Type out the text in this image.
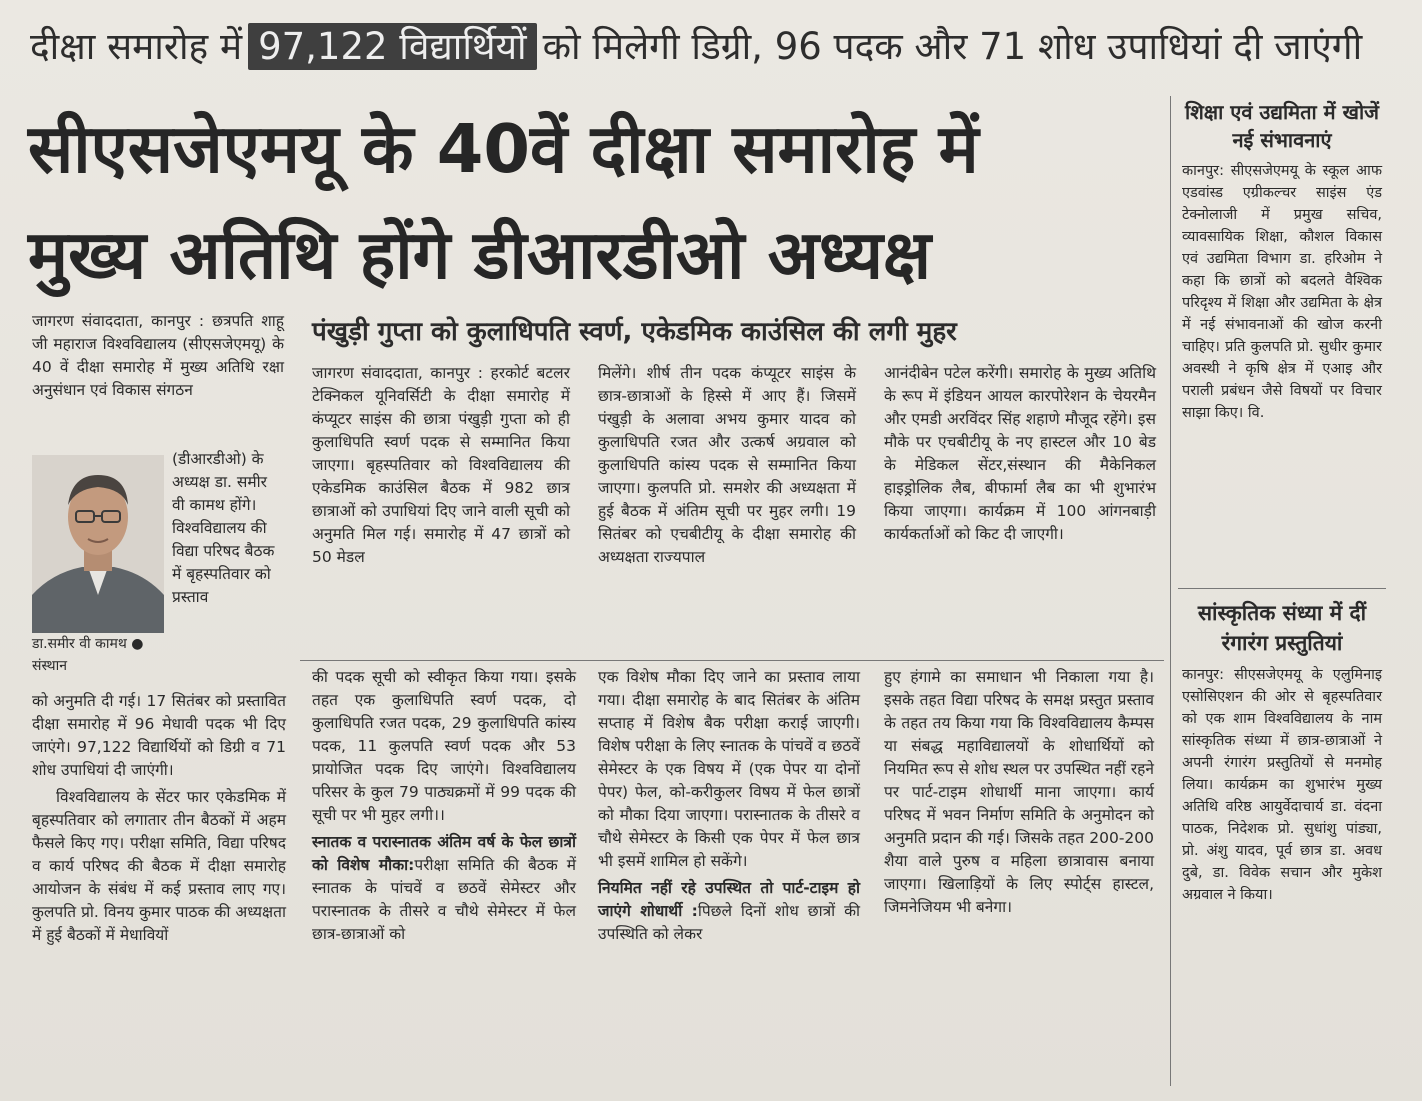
दीक्षा समारोह में 97,122 विद्यार्थियों को मिलेगी डिग्री, 96 पदक और 71 शोध उपाधियां दी जाएंगी
सीएसजेएमयू के 40वें दीक्षा समारोह में
मुख्य अतिथि होंगे डीआरडीओ अध्यक्ष

जागरण संवाददाता, कानपुर : छत्रपति शाहू जी महाराज विश्वविद्यालय (सीएसजेएमयू) के 40 वें दीक्षा समारोह में मुख्य अतिथि रक्षा अनुसंधान एवं विकास संगठन

(डीआरडीओ) के अध्यक्ष डा. समीर वी कामथ होंगे। विश्वविद्यालय की विद्या परिषद बैठक में बृहस्पतिवार को प्रस्ताव

डा.समीर वी कामथ ● संस्थान

को अनुमति दी गई। 17 सितंबर को प्रस्तावित दीक्षा समारोह में 96 मेधावी पदक भी दिए जाएंगे। 97,122 विद्यार्थियों को डिग्री व 71 शोध उपाधियां दी जाएंगी।

विश्वविद्यालय के सेंटर फार एकेडमिक में बृहस्पतिवार को लगातार तीन बैठकों में अहम फैसले किए गए। परीक्षा समिति, विद्या परिषद व कार्य परिषद की बैठक में दीक्षा समारोह आयोजन के संबंध में कई प्रस्ताव लाए गए। कुलपति प्रो. विनय कुमार पाठक की अध्यक्षता में हुई बैठकों में मेधावियों

पंखुड़ी गुप्ता को कुलाधिपति स्वर्ण, एकेडमिक काउंसिल की लगी मुहर

जागरण संवाददाता, कानपुर : हरकोर्ट बटलर टेक्निकल यूनिवर्सिटी के दीक्षा समारोह में कंप्यूटर साइंस की छात्रा पंखुड़ी गुप्ता को ही कुलाधिपति स्वर्ण पदक से सम्मानित किया जाएगा। बृहस्पतिवार को विश्वविद्यालय की एकेडमिक काउंसिल बैठक में 982 छात्र छात्राओं को उपाधियां दिए जाने वाली सूची को अनुमति मिल गई। समारोह में 47 छात्रों को 50 मेडल

मिलेंगे। शीर्ष तीन पदक कंप्यूटर साइंस के छात्र-छात्राओं के हिस्से में आए हैं। जिसमें पंखुड़ी के अलावा अभय कुमार यादव को कुलाधिपति रजत और उत्कर्ष अग्रवाल को कुलाधिपति कांस्य पदक से सम्मानित किया जाएगा। कुलपति प्रो. समशेर की अध्यक्षता में हुई बैठक में अंतिम सूची पर मुहर लगी। 19 सितंबर को एचबीटीयू के दीक्षा समारोह की अध्यक्षता राज्यपाल

आनंदीबेन पटेल करेंगी। समारोह के मुख्य अतिथि के रूप में इंडियन आयल कारपोरेशन के चेयरमैन और एमडी अरविंदर सिंह शहाणे मौजूद रहेंगे। इस मौके पर एचबीटीयू के नए हास्टल और 10 बेड के मेडिकल सेंटर,संस्थान की मैकेनिकल हाइड्रोलिक लैब, बीफार्मा लैब का भी शुभारंभ किया जाएगा। कार्यक्रम में 100 आंगनबाड़ी कार्यकर्ताओं को किट दी जाएगी।

की पदक सूची को स्वीकृत किया गया। इसके तहत एक कुलाधिपति स्वर्ण पदक, दो कुलाधिपति रजत पदक, 29 कुलाधिपति कांस्य पदक, 11 कुलपति स्वर्ण पदक और 53 प्रायोजित पदक दिए जाएंगे। विश्वविद्यालय परिसर के कुल 79 पाठ्यक्रमों में 99 पदक की सूची पर भी मुहर लगी।।

स्नातक व परास्नातक अंतिम वर्ष के फेल छात्रों को विशेष मौका:परीक्षा समिति की बैठक में स्नातक के पांचवें व छठवें सेमेस्टर और परास्नातक के तीसरे व चौथे सेमेस्टर में फेल छात्र-छात्राओं को

एक विशेष मौका दिए जाने का प्रस्ताव लाया गया। दीक्षा समारोह के बाद सितंबर के अंतिम सप्ताह में विशेष बैक परीक्षा कराई जाएगी। विशेष परीक्षा के लिए स्नातक के पांचवें व छठवें सेमेस्टर के एक विषय में (एक पेपर या दोनों पेपर) फेल, को-करीकुलर विषय में फेल छात्रों को मौका दिया जाएगा। परास्नातक के तीसरे व चौथे सेमेस्टर के किसी एक पेपर में फेल छात्र भी इसमें शामिल हो सकेंगे।

नियमित नहीं रहे उपस्थित तो पार्ट-टाइम हो जाएंगे शोधार्थी :पिछले दिनों शोध छात्रों की उपस्थिति को लेकर

हुए हंगामे का समाधान भी निकाला गया है। इसके तहत विद्या परिषद के समक्ष प्रस्तुत प्रस्ताव के तहत तय किया गया कि विश्वविद्यालय कैम्पस या संबद्ध महाविद्यालयों के शोधार्थियों को नियमित रूप से शोध स्थल पर उपस्थित नहीं रहने पर पार्ट-टाइम शोधार्थी माना जाएगा। कार्य परिषद में भवन निर्माण समिति के अनुमोदन को अनुमति प्रदान की गई। जिसके तहत 200-200 शैया वाले पुरुष व महिला छात्रावास बनाया जाएगा। खिलाड़ियों के लिए स्पोर्ट्स हास्टल, जिमनेजियम भी बनेगा।

शिक्षा एवं उद्यमिता में खोजें नई संभावनाएं

कानपुर: सीएसजेएमयू के स्कूल आफ एडवांस्ड एग्रीकल्चर साइंस एंड टेक्नोलाजी में प्रमुख सचिव, व्यावसायिक शिक्षा, कौशल विकास एवं उद्यमिता विभाग डा. हरिओम ने कहा कि छात्रों को बदलते वैश्विक परिदृश्य में शिक्षा और उद्यमिता के क्षेत्र में नई संभावनाओं की खोज करनी चाहिए। प्रति कुलपति प्रो. सुधीर कुमार अवस्थी ने कृषि क्षेत्र में एआइ और पराली प्रबंधन जैसे विषयों पर विचार साझा किए। वि.

सांस्कृतिक संध्या में दीं रंगारंग प्रस्तुतियां

कानपुर: सीएसजेएमयू के एलुमिनाइ एसोसिएशन की ओर से बृहस्पतिवार को एक शाम विश्वविद्यालय के नाम सांस्कृतिक संध्या में छात्र-छात्राओं ने अपनी रंगारंग प्रस्तुतियों से मनमोह लिया। कार्यक्रम का शुभारंभ मुख्य अतिथि वरिष्ठ आयुर्वेदाचार्य डा. वंदना पाठक, निदेशक प्रो. सुधांशु पांड्या, प्रो. अंशु यादव, पूर्व छात्र डा. अवध दुबे, डा. विवेक सचान और मुकेश अग्रवाल ने किया।
